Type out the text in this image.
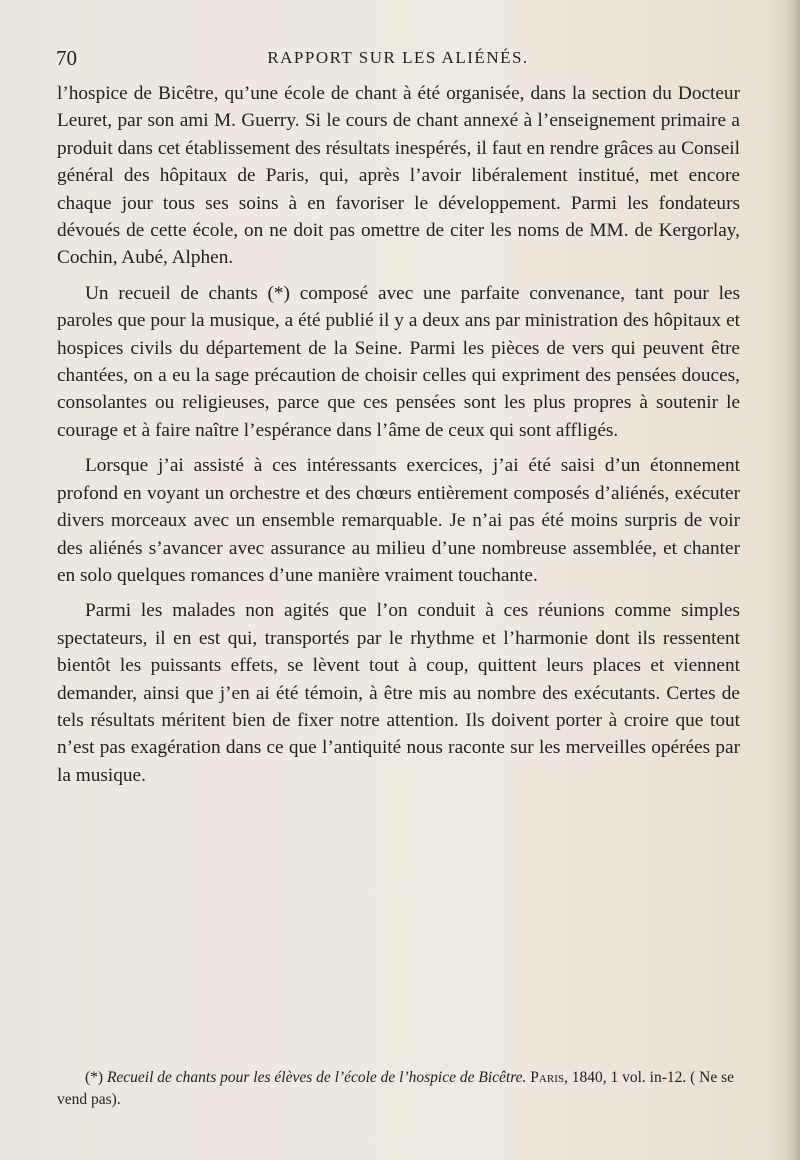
70	RAPPORT SUR LES ALIÉNÉS.

l’hospice de Bicêtre, qu’une école de chant à été organisée, dans la section du Docteur Leuret, par son ami M. Guerry. Si le cours de chant annexé à l’enseignement primaire a produit dans cet établissement des résultats inespérés, il faut en rendre grâces au Conseil général des hôpitaux de Paris, qui, après l’avoir libéralement institué, met encore chaque jour tous ses soins à en favoriser le développement. Parmi les fondateurs dévoués de cette école, on ne doit pas omettre de citer les noms de MM. de Kergorlay, Cochin, Aubé, Alphen.

Un recueil de chants (*) composé avec une parfaite convenance, tant pour les paroles que pour la musique, a été publié il y a deux ans par ministration des hôpitaux et hospices civils du département de la Seine. Parmi les pièces de vers qui peuvent être chantées, on a eu la sage précaution de choisir celles qui expriment des pensées douces, consolantes ou religieuses, parce que ces pensées sont les plus propres à soutenir le courage et à faire naître l’espérance dans l’âme de ceux qui sont affligés.

Lorsque j’ai assisté à ces intéressants exercices, j’ai été saisi d’un étonnement profond en voyant un orchestre et des chœurs entièrement composés d’aliénés, exécuter divers morceaux avec un ensemble remarquable. Je n’ai pas été moins surpris de voir des aliénés s’avancer avec assurance au milieu d’une nombreuse assemblée, et chanter en solo quelques romances d’une manière vraiment touchante.

Parmi les malades non agités que l’on conduit à ces réunions comme simples spectateurs, il en est qui, transportés par le rhythme et l’harmonie dont ils ressentent bientôt les puissants effets, se lèvent tout à coup, quittent leurs places et viennent demander, ainsi que j’en ai été témoin, à être mis au nombre des exécutants. Certes de tels résultats méritent bien de fixer notre attention. Ils doivent porter à croire que tout n’est pas exagération dans ce que l’antiquité nous raconte sur les merveilles opérées par la musique.

(*) Recueil de chants pour les élèves de l’école de l’hospice de Bicêtre. Paris, 1840, 1 vol. in-12. ( Ne se vend pas).
